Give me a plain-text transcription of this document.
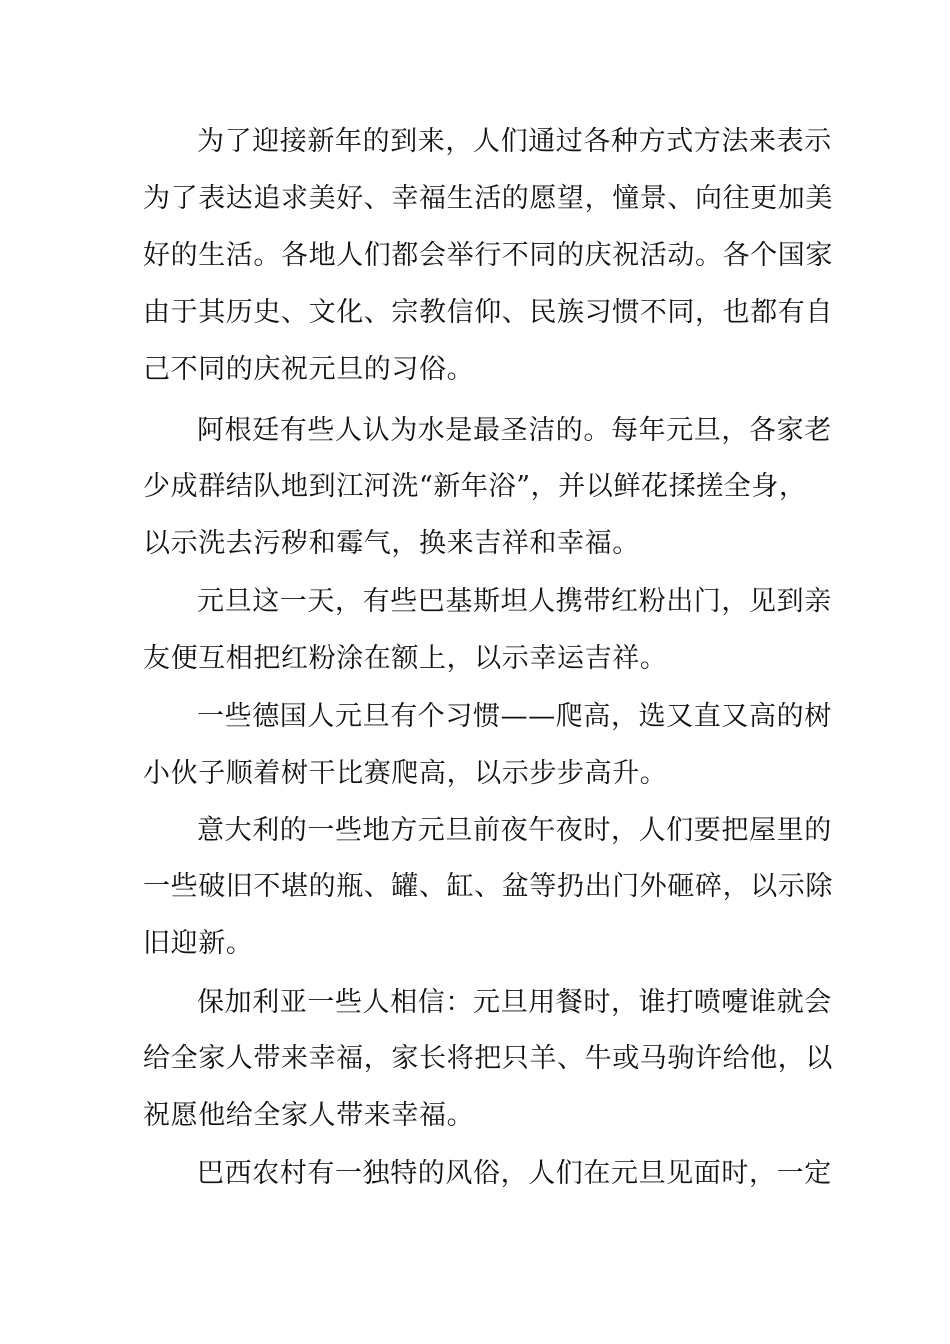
为了迎接新年的到来，人们通过各种方式方法来表示
为了表达追求美好、幸福生活的愿望，憧景、向往更加美
好的生活。各地人们都会举行不同的庆祝活动。各个国家
由于其历史、文化、宗教信仰、民族习惯不同，也都有自
己不同的庆祝元旦的习俗。
阿根廷有些人认为水是最圣洁的。每年元旦，各家老
少成群结队地到江河洗“新年浴”，并以鲜花揉搓全身，
以示洗去污秽和霉气，换来吉祥和幸福。
元旦这一天，有些巴基斯坦人携带红粉出门，见到亲
友便互相把红粉涂在额上，以示幸运吉祥。
一些德国人元旦有个习惯——爬高，选又直又高的树
小伙子顺着树干比赛爬高，以示步步高升。
意大利的一些地方元旦前夜午夜时，人们要把屋里的
一些破旧不堪的瓶、罐、缸、盆等扔出门外砸碎，以示除
旧迎新。
保加利亚一些人相信：元旦用餐时，谁打喷嚏谁就会
给全家人带来幸福，家长将把只羊、牛或马驹许给他，以
祝愿他给全家人带来幸福。
巴西农村有一独特的风俗，人们在元旦见面时，一定
